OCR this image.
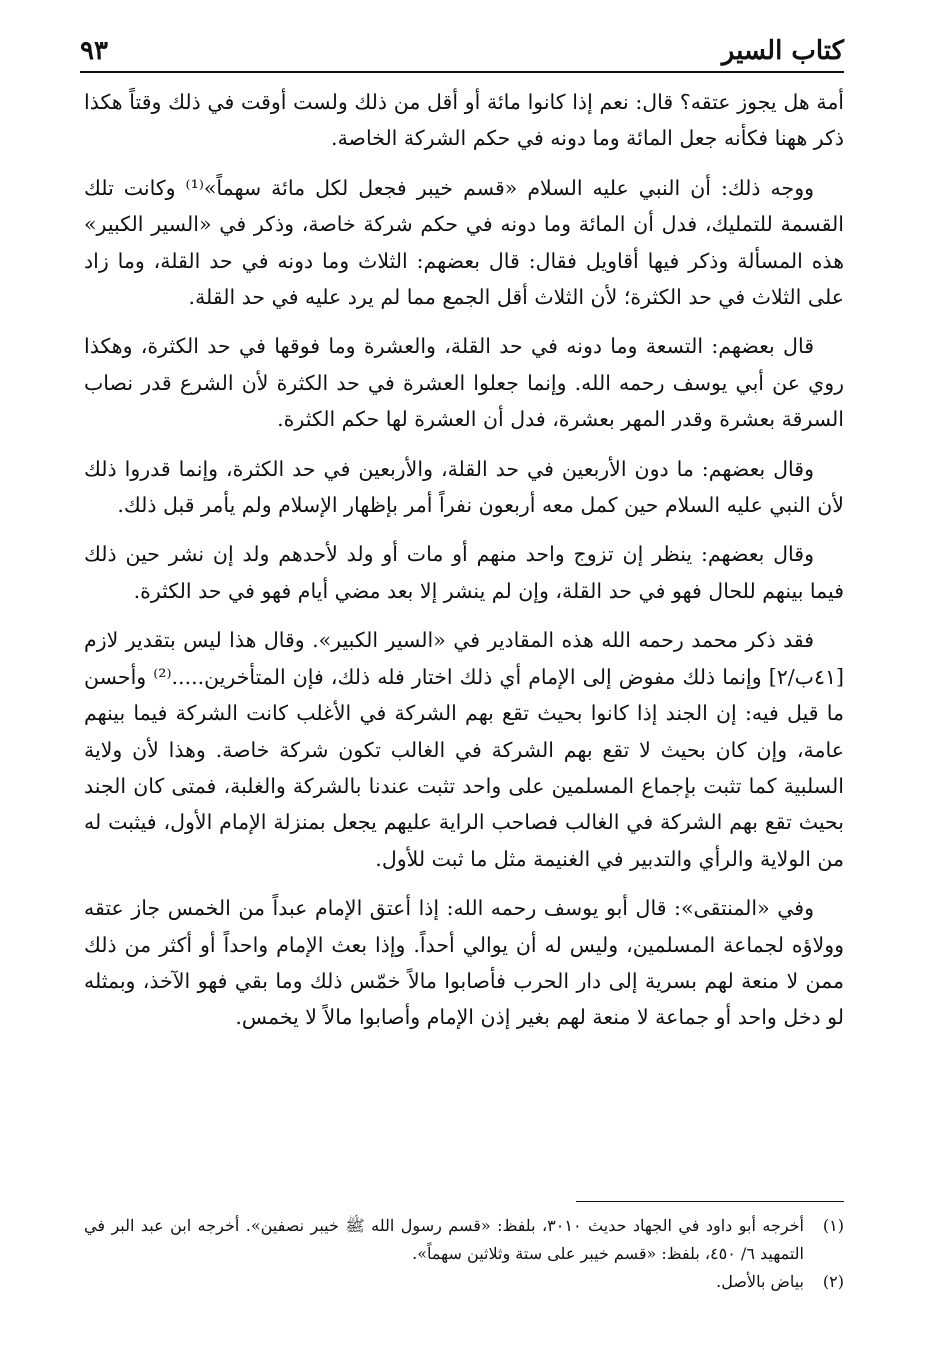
كتاب السير
٩٣

أمة هل يجوز عتقه؟ قال: نعم إذا كانوا مائة أو أقل من ذلك ولست أوقت في ذلك وقتاً هكذا ذكر ههنا فكأنه جعل المائة وما دونه في حكم الشركة الخاصة.

ووجه ذلك: أن النبي عليه السلام «قسم خيبر فجعل لكل مائة سهماً»⁽¹⁾ وكانت تلك القسمة للتمليك، فدل أن المائة وما دونه في حكم شركة خاصة، وذكر في «السير الكبير» هذه المسألة وذكر فيها أقاويل فقال: قال بعضهم: الثلاث وما دونه في حد القلة، وما زاد على الثلاث في حد الكثرة؛ لأن الثلاث أقل الجمع مما لم يرد عليه في حد القلة.

قال بعضهم: التسعة وما دونه في حد القلة، والعشرة وما فوقها في حد الكثرة، وهكذا روي عن أبي يوسف رحمه الله. وإنما جعلوا العشرة في حد الكثرة لأن الشرع قدر نصاب السرقة بعشرة وقدر المهر بعشرة، فدل أن العشرة لها حكم الكثرة.

وقال بعضهم: ما دون الأربعين في حد القلة، والأربعين في حد الكثرة، وإنما قدروا ذلك لأن النبي عليه السلام حين كمل معه أربعون نفراً أمر بإظهار الإسلام ولم يأمر قبل ذلك.

وقال بعضهم: ينظر إن تزوج واحد منهم أو مات أو ولد لأحدهم ولد إن نشر حين ذلك فيما بينهم للحال فهو في حد القلة، وإن لم ينشر إلا بعد مضي أيام فهو في حد الكثرة.

فقد ذكر محمد رحمه الله هذه المقادير في «السير الكبير». وقال هذا ليس بتقدير لازم [٤١ب/٢] وإنما ذلك مفوض إلى الإمام أي ذلك اختار فله ذلك، فإن المتأخرين.....⁽²⁾ وأحسن ما قيل فيه: إن الجند إذا كانوا بحيث تقع بهم الشركة في الأغلب كانت الشركة فيما بينهم عامة، وإن كان بحيث لا تقع بهم الشركة في الغالب تكون شركة خاصة. وهذا لأن ولاية السلبية كما تثبت بإجماع المسلمين على واحد تثبت عندنا بالشركة والغلبة، فمتى كان الجند بحيث تقع بهم الشركة في الغالب فصاحب الراية عليهم يجعل بمنزلة الإمام الأول، فيثبت له من الولاية والرأي والتدبير في الغنيمة مثل ما ثبت للأول.

وفي «المنتقى»: قال أبو يوسف رحمه الله: إذا أعتق الإمام عبداً من الخمس جاز عتقه وولاؤه لجماعة المسلمين، وليس له أن يوالي أحداً. وإذا بعث الإمام واحداً أو أكثر من ذلك ممن لا منعة لهم بسرية إلى دار الحرب فأصابوا مالاً خمّس ذلك وما بقي فهو الآخذ، وبمثله لو دخل واحد أو جماعة لا منعة لهم بغير إذن الإمام وأصابوا مالاً لا يخمس.

(١)
أخرجه أبو داود في الجهاد حديث ٣٠١٠، بلفظ: «قسم رسول الله ﷺ خيبر نصفين». أخرجه ابن عبد البر في التمهيد ٦/ ٤٥٠، بلفظ: «قسم خيبر على ستة وثلاثين سهماً».
(٢)
بياض بالأصل.
